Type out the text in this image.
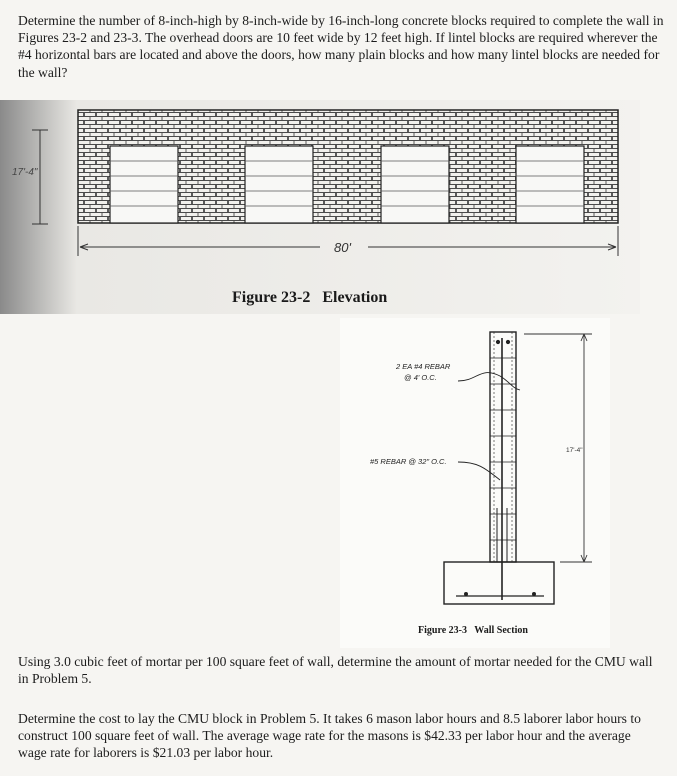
Determine the number of 8-inch-high by 8-inch-wide by 16-inch-long concrete blocks required to complete the wall in Figures 23-2 and 23-3. The overhead doors are 10 feet wide by 12 feet high. If lintel blocks are required wherever the #4 horizontal bars are located and above the doors, how many plain blocks and how many lintel blocks are needed for the wall?

17'-4"
80'
Figure 23-2   Elevation
2 EA #4 REBAR
@ 4' O.C.
#5 REBAR @ 32" O.C.
17'-4"
Figure 23-3   Wall Section

Using 3.0 cubic feet of mortar per 100 square feet of wall, determine the amount of mortar needed for the CMU wall in Problem 5.

Determine the cost to lay the CMU block in Problem 5. It takes 6 mason labor hours and 8.5 laborer labor hours to construct 100 square feet of wall. The average wage rate for the masons is $42.33 per labor hour and the average wage rate for laborers is $21.03 per labor hour.
